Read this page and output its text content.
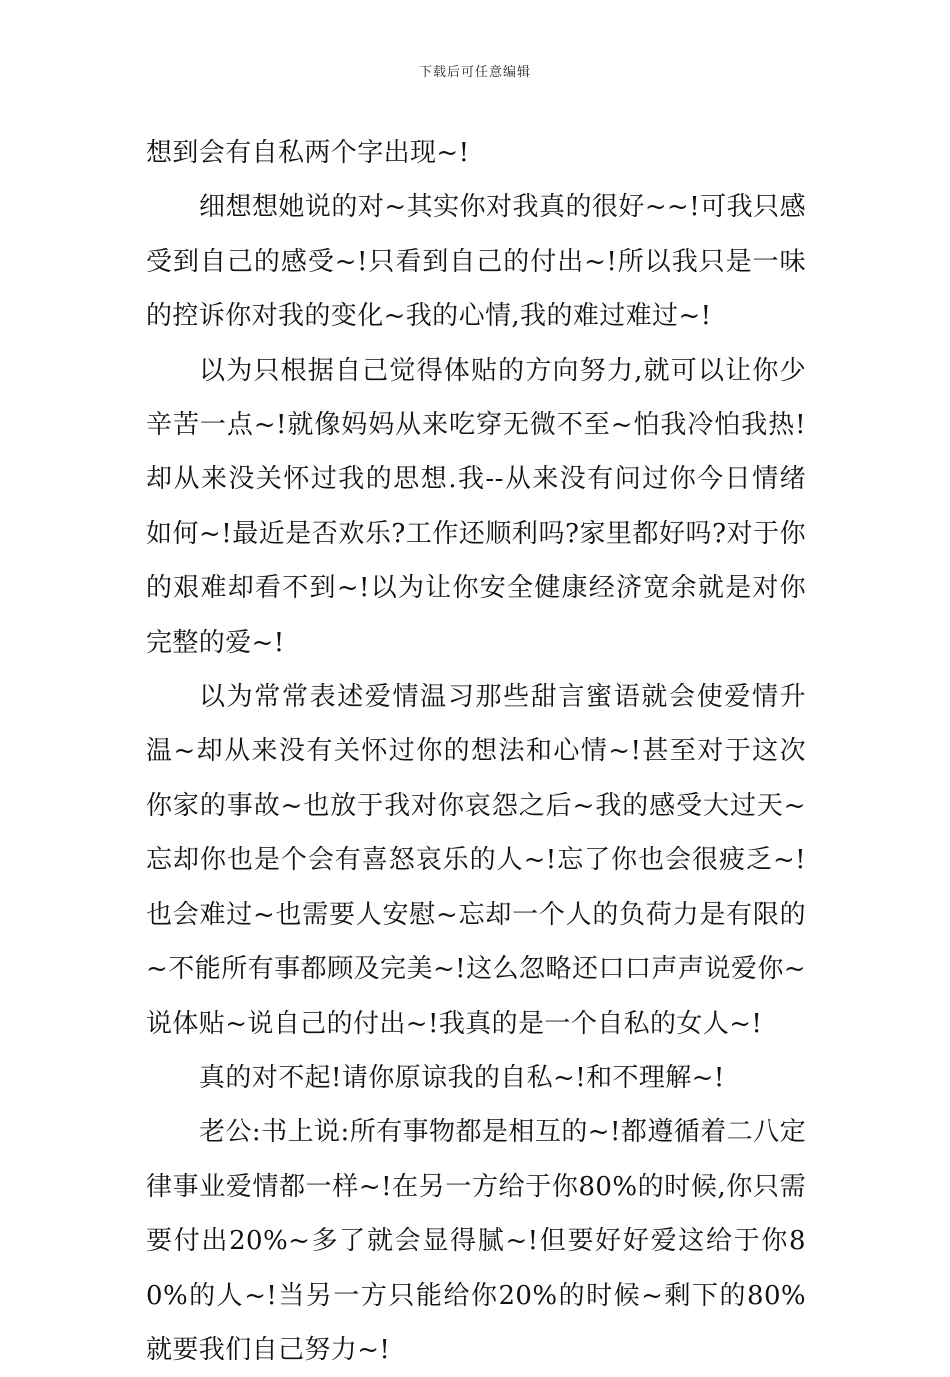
下载后可任意编辑

想到会有自私两个字出现~!

细想想她说的对~其实你对我真的很好~~!可我只感受到自己的感受~!只看到自己的付出~!所以我只是一味的控诉你对我的变化~我的心情,我的难过难过~!

以为只根据自己觉得体贴的方向努力,就可以让你少辛苦一点~!就像妈妈从来吃穿无微不至~怕我冷怕我热!却从来没关怀过我的思想.我--从来没有问过你今日情绪如何~!最近是否欢乐?工作还顺利吗?家里都好吗?对于你的艰难却看不到~!以为让你安全健康经济宽余就是对你完整的爱~!

以为常常表述爱情温习那些甜言蜜语就会使爱情升温~却从来没有关怀过你的想法和心情~!甚至对于这次你家的事故~也放于我对你哀怨之后~我的感受大过天~忘却你也是个会有喜怒哀乐的人~!忘了你也会很疲乏~!也会难过~也需要人安慰~忘却一个人的负荷力是有限的~不能所有事都顾及完美~!这么忽略还口口声声说爱你~说体贴~说自己的付出~!我真的是一个自私的女人~!

真的对不起!请你原谅我的自私~!和不理解~!

老公:书上说:所有事物都是相互的~!都遵循着二八定律事业爱情都一样~!在另一方给于你80%的时候,你只需要付出20%~多了就会显得腻~!但要好好爱这给于你80%的人~!当另一方只能给你20%的时候~剩下的80%就要我们自己努力~!
